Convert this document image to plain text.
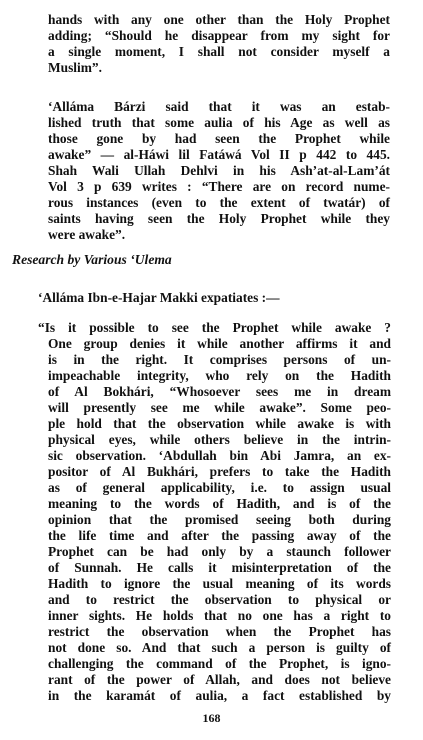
hands with any one other than the Holy Prophet
adding; “Should he disappear from my sight for
a single moment, I shall not consider myself a
Muslim”.
‘Alláma Bárzi said that it was an estab-
lished truth that some aulia of his Age as well as
those gone by had seen the Prophet while
awake” — al-Háwi lil Fatáwá Vol II p 442 to 445.
Shah Wali Ullah Dehlvi in his Ash’at-al-Lam’át
Vol 3 p 639 writes : “There are on record nume-
rous instances (even to the extent of twatár) of
saints having seen the Holy Prophet while they
were awake”.
Research by Various ‘Ulema
‘Alláma Ibn-e-Hajar Makki expatiates :—
“Is it possible to see the Prophet while awake ?
One group denies it while another affirms it and
is in the right. It comprises persons of un-
impeachable integrity, who rely on the Hadith
of Al Bokhári, “Whosoever sees me in dream
will presently see me while awake”. Some peo-
ple hold that the observation while awake is with
physical eyes, while others believe in the intrin-
sic observation. ‘Abdullah bin Abi Jamra, an ex-
positor of Al Bukhári, prefers to take the Hadith
as of general applicability, i.e. to assign usual
meaning to the words of Hadith, and is of the
opinion that the promised seeing both during
the life time and after the passing away of the
Prophet can be had only by a staunch follower
of Sunnah. He calls it misinterpretation of the
Hadith to ignore the usual meaning of its words
and to restrict the observation to physical or
inner sights. He holds that no one has a right to
restrict the observation when the Prophet has
not done so. And that such a person is guilty of
challenging the command of the Prophet, is igno-
rant of the power of Allah, and does not believe
in the karamát of aulia, a fact established by
168
